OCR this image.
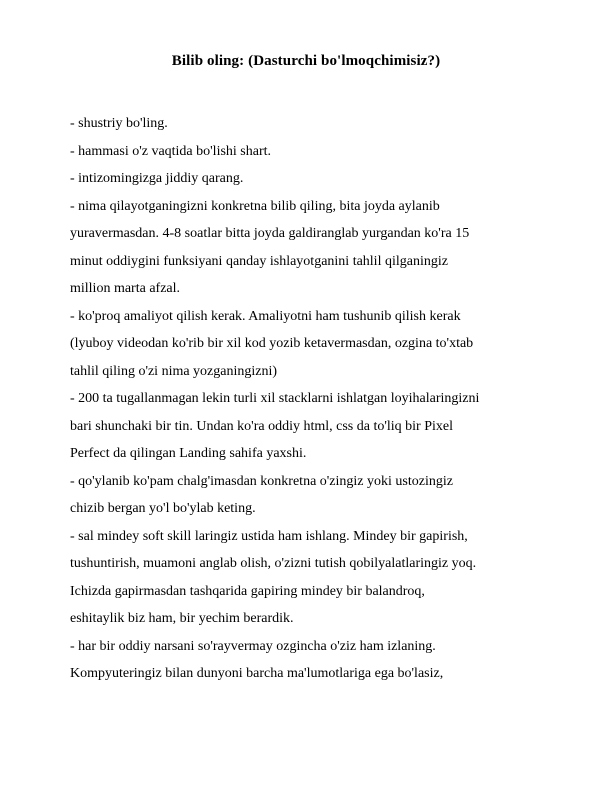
Bilib oling: (Dasturchi bo'lmoqchimisiz?)
- shustriy bo'ling.
- hammasi o'z vaqtida bo'lishi shart.
- intizomingizga jiddiy qarang.
- nima qilayotganingizni konkretna bilib qiling, bita joyda aylanib
yuravermasdan. 4-8 soatlar bitta joyda galdiranglab yurgandan ko'ra 15
minut oddiygini funksiyani qanday ishlayotganini tahlil qilganingiz
million marta afzal.
- ko'proq amaliyot qilish kerak. Amaliyotni ham tushunib qilish kerak
(lyuboy videodan ko'rib bir xil kod yozib ketavermasdan, ozgina to'xtab
tahlil qiling o'zi nima yozganingizni)
- 200 ta tugallanmagan lekin turli xil stacklarni ishlatgan loyihalaringizni
bari shunchaki bir tin. Undan ko'ra oddiy html, css da to'liq bir Pixel
Perfect da qilingan Landing sahifa yaxshi.
- qo'ylanib ko'pam chalg'imasdan konkretna o'zingiz yoki ustozingiz
chizib bergan yo'l bo'ylab keting.
- sal mindey soft skill laringiz ustida ham ishlang. Mindey bir gapirish,
tushuntirish, muamoni anglab olish, o'zizni tutish qobilyalatlaringiz yoq.
Ichizda gapirmasdan tashqarida gapiring mindey bir balandroq,
eshitaylik biz ham, bir yechim berardik.
- har bir oddiy narsani so'rayvermay ozgincha o'ziz ham izlaning.
Kompyuteringiz bilan dunyoni barcha ma'lumotlariga ega bo'lasiz,
